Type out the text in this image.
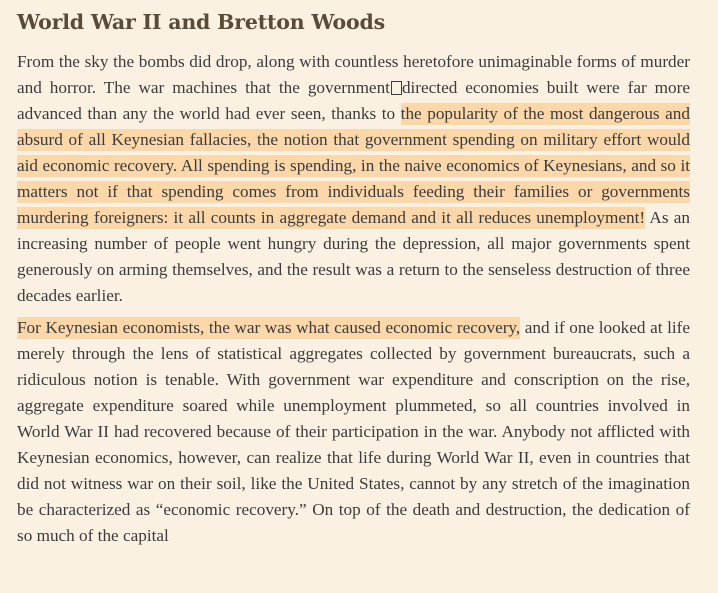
World War II and Bretton Woods

From the sky the bombs did drop, along with countless heretofore unimaginable forms of murder and horror. The war machines that the government directed economies built were far more advanced than any the world had ever seen, thanks to the popularity of the most dangerous and absurd of all Keynesian fallacies, the notion that government spending on military effort would aid economic recovery. All spending is spending, in the naive economics of Keynesians, and so it matters not if that spending comes from individuals feeding their families or governments murdering foreigners: it all counts in aggregate demand and it all reduces unemployment! As an increasing number of people went hungry during the depression, all major governments spent generously on arming themselves, and the result was a return to the senseless destruction of three decades earlier.

For Keynesian economists, the war was what caused economic recovery, and if one looked at life merely through the lens of statistical aggregates collected by government bureaucrats, such a ridiculous notion is tenable. With government war expenditure and conscription on the rise, aggregate expenditure soared while unemployment plummeted, so all countries involved in World War II had recovered because of their participation in the war. Anybody not afflicted with Keynesian economics, however, can realize that life during World War II, even in countries that did not witness war on their soil, like the United States, cannot by any stretch of the imagination be characterized as “economic recovery.” On top of the death and destruction, the dedication of so much of the capital
